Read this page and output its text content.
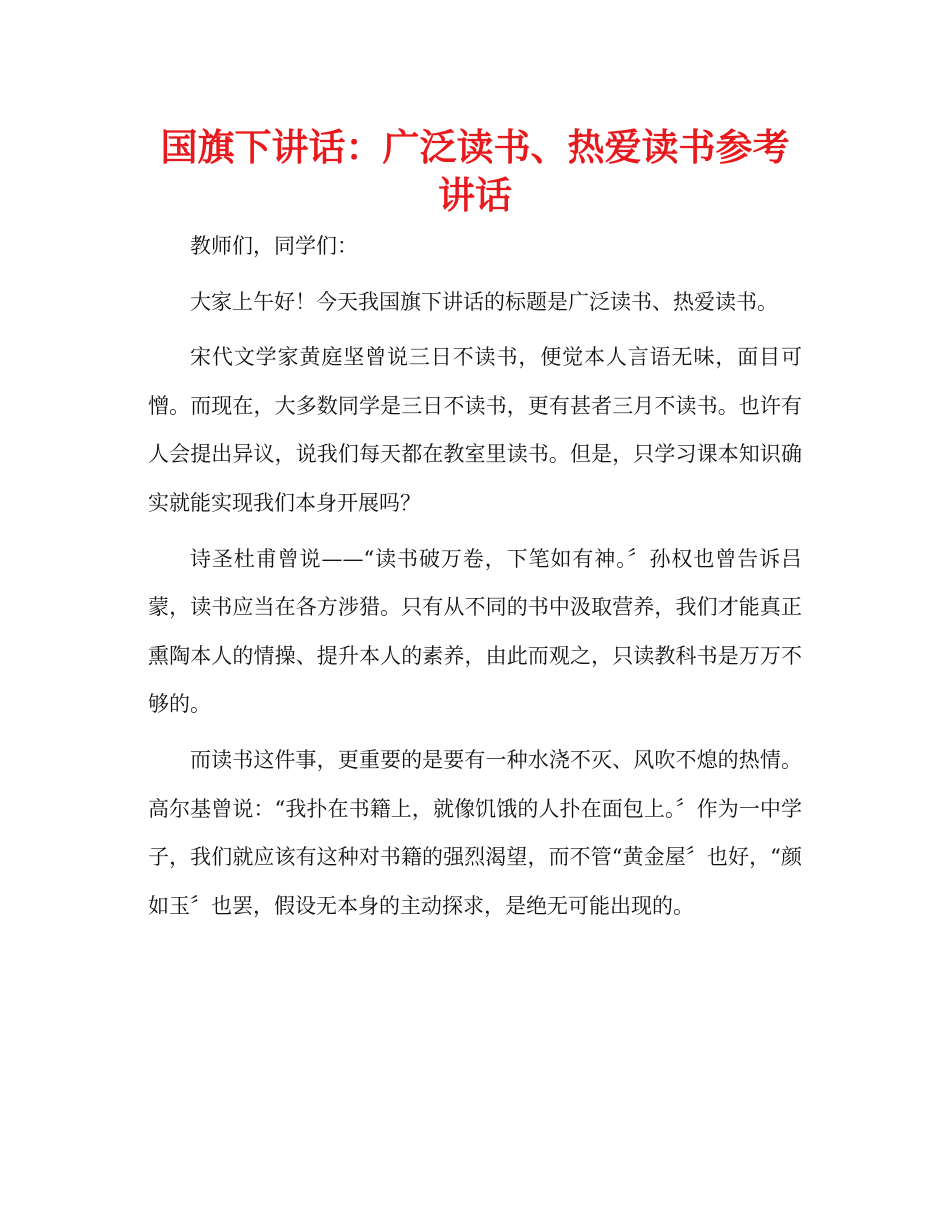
国旗下讲话：广泛读书、热爱读书参考讲话

教师们，同学们：

大家上午好！今天我国旗下讲话的标题是广泛读书、热爱读书。

宋代文学家黄庭坚曾说三日不读书，便觉本人言语无味，面目可憎。而现在，大多数同学是三日不读书，更有甚者三月不读书。也许有人会提出异议，说我们每天都在教室里读书。但是，只学习课本知识确实就能实现我们本身开展吗？

诗圣杜甫曾说——“读书破万卷，下笔如有神。〞孙权也曾告诉吕蒙，读书应当在各方涉猎。只有从不同的书中汲取营养，我们才能真正熏陶本人的情操、提升本人的素养，由此而观之，只读教科书是万万不够的。

而读书这件事，更重要的是要有一种水浇不灭、风吹不熄的热情。高尔基曾说：“我扑在书籍上，就像饥饿的人扑在面包上。〞作为一中学子，我们就应该有这种对书籍的强烈渴望，而不管“黄金屋〞也好，“颜如玉〞也罢，假设无本身的主动探求，是绝无可能出现的。
